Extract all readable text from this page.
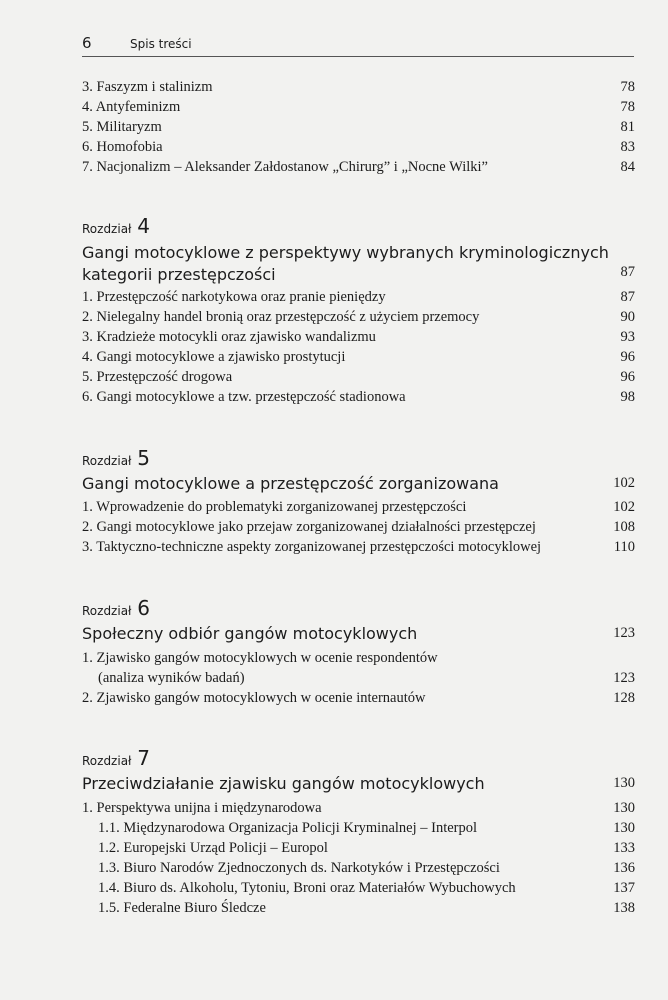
6	Spis treści
3. Faszyzm i stalinizm	78
4. Antyfeminizm	78
5. Militaryzm	81
6. Homofobia	83
7. Nacjonalizm – Aleksander Załdostanow „Chirurg” i „Nocne Wilki”	84
Rozdział 4
Gangi motocyklowe z perspektywy wybranych kryminologicznych
kategorii przestępczości	87
1. Przestępczość narkotykowa oraz pranie pieniędzy	87
2. Nielegalny handel bronią oraz przestępczość z użyciem przemocy	90
3. Kradzieże motocykli oraz zjawisko wandalizmu	93
4. Gangi motocyklowe a zjawisko prostytucji	96
5. Przestępczość drogowa	96
6. Gangi motocyklowe a tzw. przestępczość stadionowa	98
Rozdział 5
Gangi motocyklowe a przestępczość zorganizowana	102
1. Wprowadzenie do problematyki zorganizowanej przestępczości	102
2. Gangi motocyklowe jako przejaw zorganizowanej działalności przestępczej	108
3. Taktyczno-techniczne aspekty zorganizowanej przestępczości motocyklowej	110
Rozdział 6
Społeczny odbiór gangów motocyklowych	123
1. Zjawisko gangów motocyklowych w ocenie respondentów
(analiza wyników badań)	123
2. Zjawisko gangów motocyklowych w ocenie internautów	128
Rozdział 7
Przeciwdziałanie zjawisku gangów motocyklowych	130
1. Perspektywa unijna i międzynarodowa	130
1.1. Międzynarodowa Organizacja Policji Kryminalnej – Interpol	130
1.2. Europejski Urząd Policji – Europol	133
1.3. Biuro Narodów Zjednoczonych ds. Narkotyków i Przestępczości	136
1.4. Biuro ds. Alkoholu, Tytoniu, Broni oraz Materiałów Wybuchowych	137
1.5. Federalne Biuro Śledcze	138
